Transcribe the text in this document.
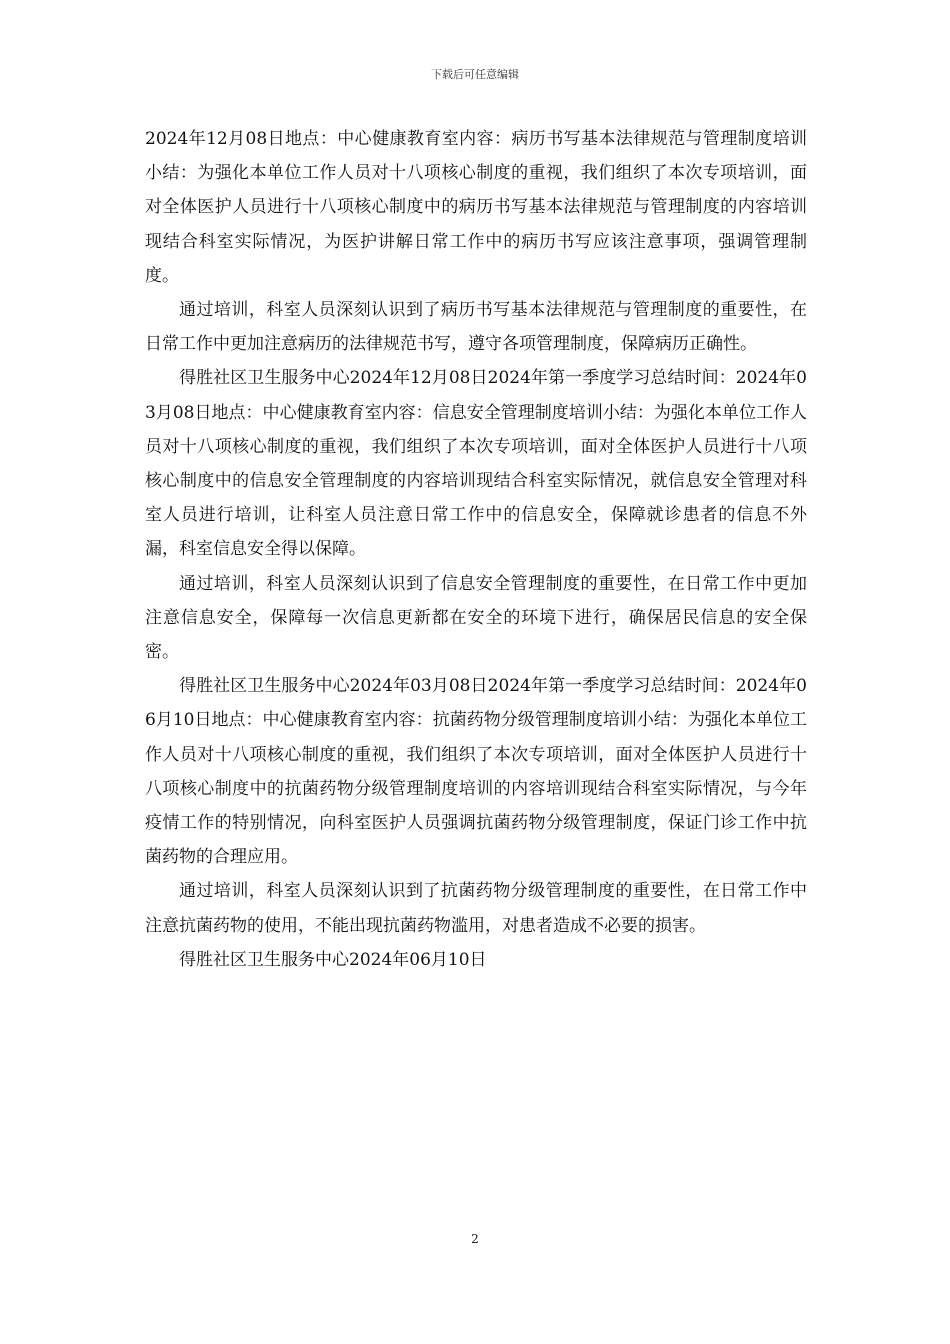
下载后可任意编辑

2024年12月08日地点：中心健康教育室内容：病历书写基本法律规范与管理制度培训小结：为强化本单位工作人员对十八项核心制度的重视，我们组织了本次专项培训，面对全体医护人员进行十八项核心制度中的病历书写基本法律规范与管理制度的内容培训现结合科室实际情况，为医护讲解日常工作中的病历书写应该注意事项，强调管理制度。

通过培训，科室人员深刻认识到了病历书写基本法律规范与管理制度的重要性，在日常工作中更加注意病历的法律规范书写，遵守各项管理制度，保障病历正确性。

得胜社区卫生服务中心2024年12月08日2024年第一季度学习总结时间：2024年03月08日地点：中心健康教育室内容：信息安全管理制度培训小结：为强化本单位工作人员对十八项核心制度的重视，我们组织了本次专项培训，面对全体医护人员进行十八项核心制度中的信息安全管理制度的内容培训现结合科室实际情况，就信息安全管理对科室人员进行培训，让科室人员注意日常工作中的信息安全，保障就诊患者的信息不外漏，科室信息安全得以保障。

通过培训，科室人员深刻认识到了信息安全管理制度的重要性，在日常工作中更加注意信息安全，保障每一次信息更新都在安全的环境下进行，确保居民信息的安全保密。

得胜社区卫生服务中心2024年03月08日2024年第一季度学习总结时间：2024年06月10日地点：中心健康教育室内容：抗菌药物分级管理制度培训小结：为强化本单位工作人员对十八项核心制度的重视，我们组织了本次专项培训，面对全体医护人员进行十八项核心制度中的抗菌药物分级管理制度培训的内容培训现结合科室实际情况，与今年疫情工作的特别情况，向科室医护人员强调抗菌药物分级管理制度，保证门诊工作中抗菌药物的合理应用。

通过培训，科室人员深刻认识到了抗菌药物分级管理制度的重要性，在日常工作中注意抗菌药物的使用，不能出现抗菌药物滥用，对患者造成不必要的损害。

得胜社区卫生服务中心2024年06月10日

2
